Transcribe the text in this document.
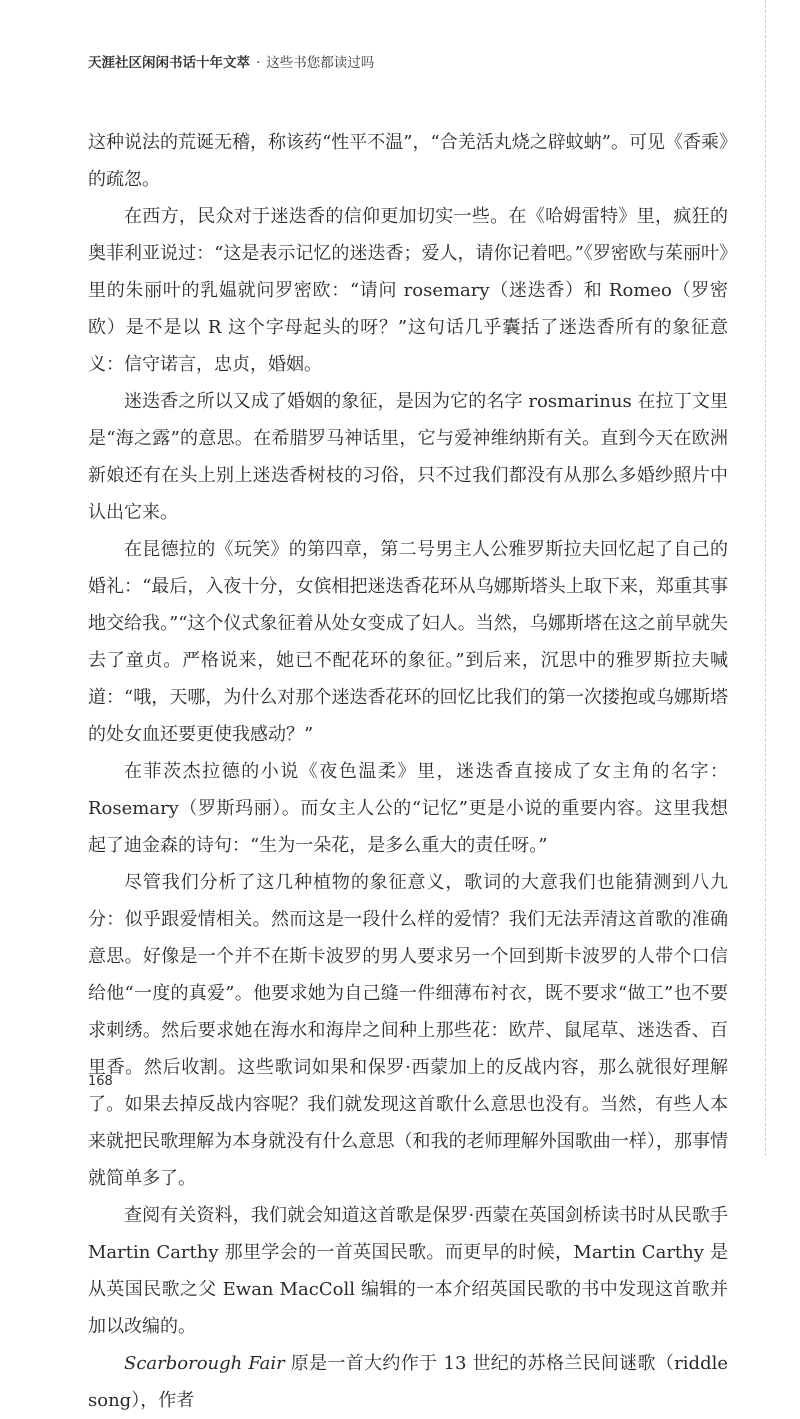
天涯社区闲闲书话十年文萃 · 这些书您都读过吗

这种说法的荒诞无稽，称该药“性平不温”，“合羌活丸烧之辟蚊蚋”。可见《香乘》的疏忽。

在西方，民众对于迷迭香的信仰更加切实一些。在《哈姆雷特》里，疯狂的奥菲利亚说过：“这是表示记忆的迷迭香；爱人，请你记着吧。”《罗密欧与茱丽叶》里的朱丽叶的乳媪就问罗密欧：“请问 rosemary（迷迭香）和 Romeo（罗密欧）是不是以 R 这个字母起头的呀？”这句话几乎囊括了迷迭香所有的象征意义：信守诺言，忠贞，婚姻。

迷迭香之所以又成了婚姻的象征，是因为它的名字 rosmarinus 在拉丁文里是“海之露”的意思。在希腊罗马神话里，它与爱神维纳斯有关。直到今天在欧洲新娘还有在头上别上迷迭香树枝的习俗，只不过我们都没有从那么多婚纱照片中认出它来。

在昆德拉的《玩笑》的第四章，第二号男主人公雅罗斯拉夫回忆起了自己的婚礼：“最后，入夜十分，女傧相把迷迭香花环从乌娜斯塔头上取下来，郑重其事地交给我。”“这个仪式象征着从处女变成了妇人。当然，乌娜斯塔在这之前早就失去了童贞。严格说来，她已不配花环的象征。”到后来，沉思中的雅罗斯拉夫喊道：“哦，天哪，为什么对那个迷迭香花环的回忆比我们的第一次搂抱或乌娜斯塔的处女血还要更使我感动？”

在菲茨杰拉德的小说《夜色温柔》里，迷迭香直接成了女主角的名字：Rosemary（罗斯玛丽）。而女主人公的“记忆”更是小说的重要内容。这里我想起了迪金森的诗句：“生为一朵花，是多么重大的责任呀。”

尽管我们分析了这几种植物的象征意义，歌词的大意我们也能猜测到八九分：似乎跟爱情相关。然而这是一段什么样的爱情？我们无法弄清这首歌的准确意思。好像是一个并不在斯卡波罗的男人要求另一个回到斯卡波罗的人带个口信给他“一度的真爱”。他要求她为自己缝一件细薄布衬衣，既不要求“做工”也不要求刺绣。然后要求她在海水和海岸之间种上那些花：欧芹、鼠尾草、迷迭香、百里香。然后收割。这些歌词如果和保罗·西蒙加上的反战内容，那么就很好理解了。如果去掉反战内容呢？我们就发现这首歌什么意思也没有。当然，有些人本来就把民歌理解为本身就没有什么意思（和我的老师理解外国歌曲一样），那事情就简单多了。

查阅有关资料，我们就会知道这首歌是保罗·西蒙在英国剑桥读书时从民歌手 Martin Carthy 那里学会的一首英国民歌。而更早的时候，Martin Carthy 是从英国民歌之父 Ewan MacColl 编辑的一本介绍英国民歌的书中发现这首歌并加以改编的。

Scarborough Fair 原是一首大约作于 13 世纪的苏格兰民间谜歌（riddle song），作者

168
